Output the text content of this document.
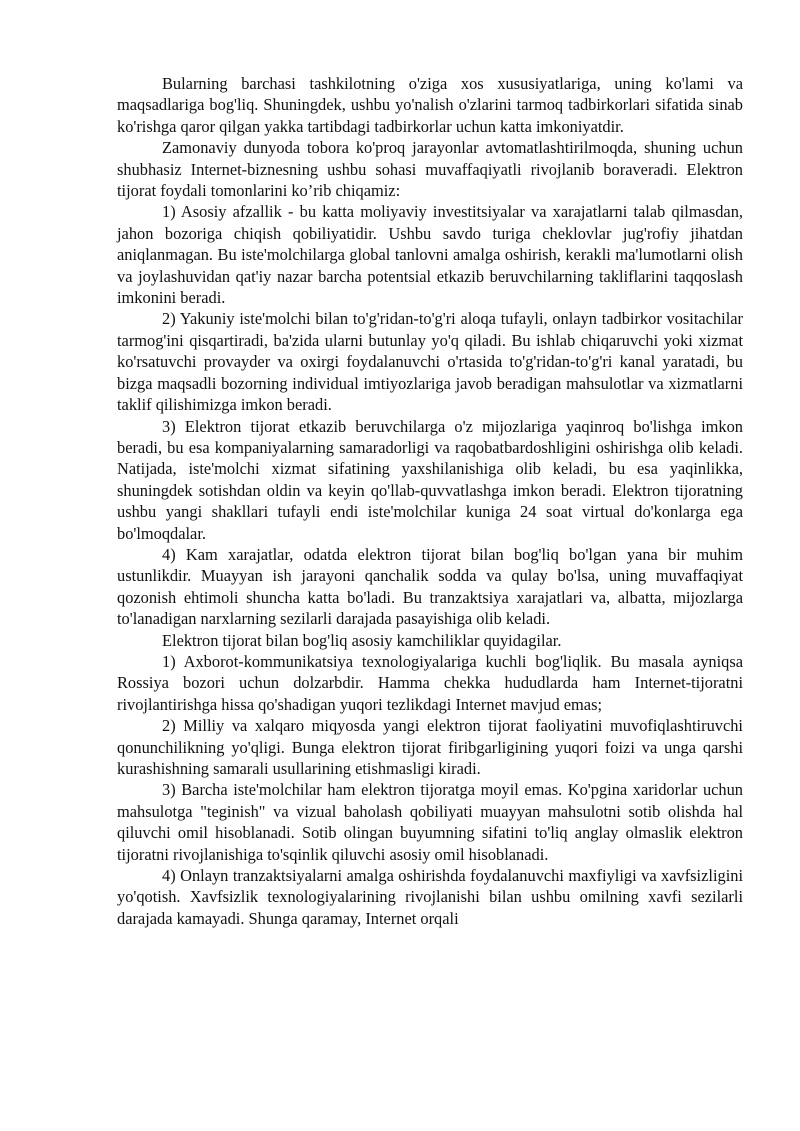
Bularning barchasi tashkilotning o'ziga xos xususiyatlariga, uning ko'lami va maqsadlariga bog'liq. Shuningdek, ushbu yo'nalish o'zlarini tarmoq tadbirkorlari sifatida sinab ko'rishga qaror qilgan yakka tartibdagi tadbirkorlar uchun katta imkoniyatdir.

Zamonaviy dunyoda tobora ko'proq jarayonlar avtomatlashtirilmoqda, shuning uchun shubhasiz Internet-biznesning ushbu sohasi muvaffaqiyatli rivojlanib boraveradi. Elektron tijorat foydali tomonlarini ko’rib chiqamiz:

1) Asosiy afzallik - bu katta moliyaviy investitsiyalar va xarajatlarni talab qilmasdan, jahon bozoriga chiqish qobiliyatidir. Ushbu savdo turiga cheklovlar jug'rofiy jihatdan aniqlanmagan. Bu iste'molchilarga global tanlovni amalga oshirish, kerakli ma'lumotlarni olish va joylashuvidan qat'iy nazar barcha potentsial etkazib beruvchilarning takliflarini taqqoslash imkonini beradi.

2) Yakuniy iste'molchi bilan to'g'ridan-to'g'ri aloqa tufayli, onlayn tadbirkor vositachilar tarmog'ini qisqartiradi, ba'zida ularni butunlay yo'q qiladi. Bu ishlab chiqaruvchi yoki xizmat ko'rsatuvchi provayder va oxirgi foydalanuvchi o'rtasida to'g'ridan-to'g'ri kanal yaratadi, bu bizga maqsadli bozorning individual imtiyozlariga javob beradigan mahsulotlar va xizmatlarni taklif qilishimizga imkon beradi.

3) Elektron tijorat etkazib beruvchilarga o'z mijozlariga yaqinroq bo'lishga imkon beradi, bu esa kompaniyalarning samaradorligi va raqobatbardoshligini oshirishga olib keladi. Natijada, iste'molchi xizmat sifatining yaxshilanishiga olib keladi, bu esa yaqinlikka, shuningdek sotishdan oldin va keyin qo'llab-quvvatlashga imkon beradi. Elektron tijoratning ushbu yangi shakllari tufayli endi iste'molchilar kuniga 24 soat virtual do'konlarga ega bo'lmoqdalar.

4) Kam xarajatlar, odatda elektron tijorat bilan bog'liq bo'lgan yana bir muhim ustunlikdir. Muayyan ish jarayoni qanchalik sodda va qulay bo'lsa, uning muvaffaqiyat qozonish ehtimoli shuncha katta bo'ladi. Bu tranzaktsiya xarajatlari va, albatta, mijozlarga to'lanadigan narxlarning sezilarli darajada pasayishiga olib keladi.

Elektron tijorat bilan bog'liq asosiy kamchiliklar quyidagilar.

1) Axborot-kommunikatsiya texnologiyalariga kuchli bog'liqlik. Bu masala ayniqsa Rossiya bozori uchun dolzarbdir. Hamma chekka hududlarda ham Internet-tijoratni rivojlantirishga hissa qo'shadigan yuqori tezlikdagi Internet mavjud emas;

2) Milliy va xalqaro miqyosda yangi elektron tijorat faoliyatini muvofiqlashtiruvchi qonunchilikning yo'qligi. Bunga elektron tijorat firibgarligining yuqori foizi va unga qarshi kurashishning samarali usullarining etishmasligi kiradi.

3) Barcha iste'molchilar ham elektron tijoratga moyil emas. Ko'pgina xaridorlar uchun mahsulotga "teginish" va vizual baholash qobiliyati muayyan mahsulotni sotib olishda hal qiluvchi omil hisoblanadi. Sotib olingan buyumning sifatini to'liq anglay olmaslik elektron tijoratni rivojlanishiga to'sqinlik qiluvchi asosiy omil hisoblanadi.

4) Onlayn tranzaktsiyalarni amalga oshirishda foydalanuvchi maxfiyligi va xavfsizligini yo'qotish. Xavfsizlik texnologiyalarining rivojlanishi bilan ushbu omilning xavfi sezilarli darajada kamayadi. Shunga qaramay, Internet orqali
